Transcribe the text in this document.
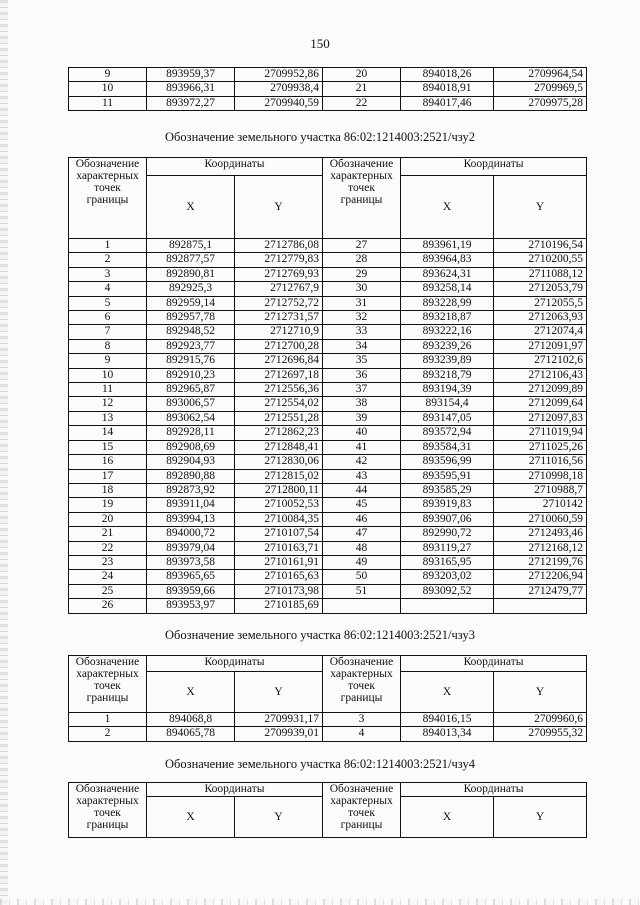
150
9	893959,37	2709952,86	20	894018,26	2709964,54
10	893966,31	2709938,4	21	894018,91	2709969,5
11	893972,27	2709940,59	22	894017,46	2709975,28
Обозначение земельного участка 86:02:1214003:2521/чзу2
Обозначение характерных точек границы	Координаты		Обозначение характерных точек границы	Координаты	
	X	Y		X	Y
1	892875,1	2712786,08	27	893961,19	2710196,54
2	892877,57	2712779,83	28	893964,83	2710200,55
3	892890,81	2712769,93	29	893624,31	2711088,12
4	892925,3	2712767,9	30	893258,14	2712053,79
5	892959,14	2712752,72	31	893228,99	2712055,5
6	892957,78	2712731,57	32	893218,87	2712063,93
7	892948,52	2712710,9	33	893222,16	2712074,4
8	892923,77	2712700,28	34	893239,26	2712091,97
9	892915,76	2712696,84	35	893239,89	2712102,6
10	892910,23	2712697,18	36	893218,79	2712106,43
11	892965,87	2712556,36	37	893194,39	2712099,89
12	893006,57	2712554,02	38	893154,4	2712099,64
13	893062,54	2712551,28	39	893147,05	2712097,83
14	892928,11	2712862,23	40	893572,94	2711019,94
15	892908,69	2712848,41	41	893584,31	2711025,26
16	892904,93	2712830,06	42	893596,99	2711016,56
17	892890,88	2712815,02	43	893595,91	2710998,18
18	892873,92	2712800,11	44	893585,29	2710988,7
19	893911,04	2710052,53	45	893919,83	2710142
20	893994,13	2710084,35	46	893907,06	2710060,59
21	894000,72	2710107,54	47	892990,72	2712493,46
22	893979,04	2710163,71	48	893119,27	2712168,12
23	893973,58	2710161,91	49	893165,95	2712199,76
24	893965,65	2710165,63	50	893203,02	2712206,94
25	893959,66	2710173,98	51	893092,52	2712479,77
26	893953,97	2710185,69			
Обозначение земельного участка 86:02:1214003:2521/чзу3
Обозначение характерных точек границы	Координаты		Обозначение характерных точек границы	Координаты	
	X	Y		X	Y
1	894068,8	2709931,17	3	894016,15	2709960,6
2	894065,78	2709939,01	4	894013,34	2709955,32
Обозначение земельного участка 86:02:1214003:2521/чзу4
Обозначение характерных точек границы	Координаты		Обозначение характерных точек границы	Координаты	
	X	Y		X	Y
